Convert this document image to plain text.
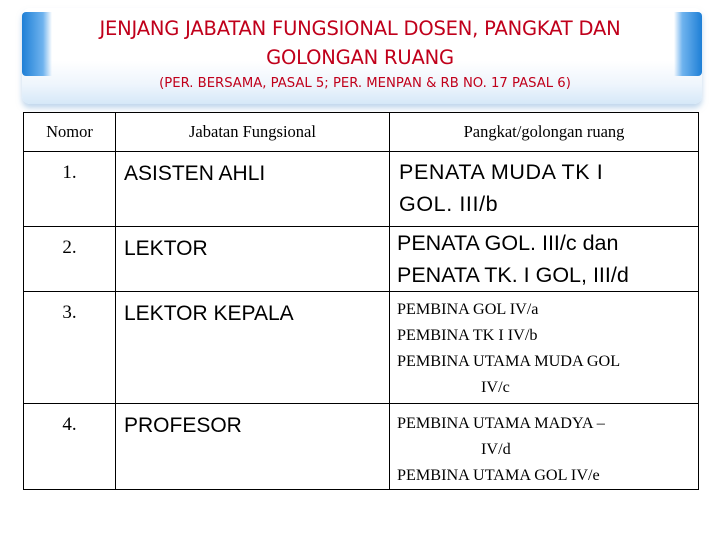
JENJANG JABATAN FUNGSIONAL DOSEN, PANGKAT DAN GOLONGAN RUANG
(PER. BERSAMA, PASAL 5; PER. MENPAN & RB NO. 17 PASAL 6)
Nomor	Jabatan Fungsional	Pangkat/golongan ruang
1.	ASISTEN AHLI	PENATA MUDA TK I
GOL. III/b

2.	LEKTOR	PENATA GOL. III/c dan
PENATA TK. I GOL, III/d

3.	LEKTOR KEPALA	PEMBINA GOL IV/a
PEMBINA TK I IV/b
PEMBINA UTAMA MUDA GOL
IV/c

4.	PROFESOR	PEMBINA UTAMA MADYA –
IV/d
PEMBINA UTAMA GOL IV/e
